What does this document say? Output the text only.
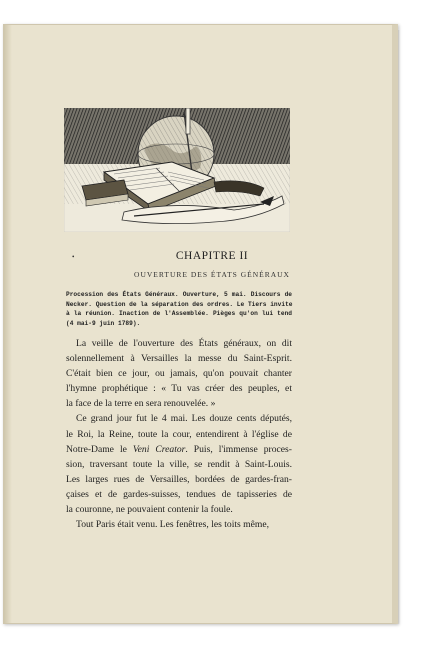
•	CHAPITRE II
OUVERTURE DES ÉTATS GÉNÉRAUX
Procession des États Généraux. Ouverture, 5 mai. Discours de
Necker. Question de la séparation des ordres. Le Tiers invite
à la réunion. Inaction de l'Assemblée. Pièges qu'on lui tend
(4 mai-9 juin 1789).
La veille de l'ouverture des États généraux, on dit
solennellement à Versailles la messe du Saint-Esprit.
C'était bien ce jour, ou jamais, qu'on pouvait chanter
l'hymne prophétique : « Tu vas créer des peuples, et
la face de la terre en sera renouvelée. »
Ce grand jour fut le 4 mai. Les douze cents députés,
le Roi, la Reine, toute la cour, entendirent à l'église de
Notre-Dame le Veni Creator. Puis, l'immense proces-
sion, traversant toute la ville, se rendit à Saint-Louis.
Les larges rues de Versailles, bordées de gardes-fran-
çaises et de gardes-suisses, tendues de tapisseries de
la couronne, ne pouvaient contenir la foule.
Tout Paris était venu. Les fenêtres, les toits même,
